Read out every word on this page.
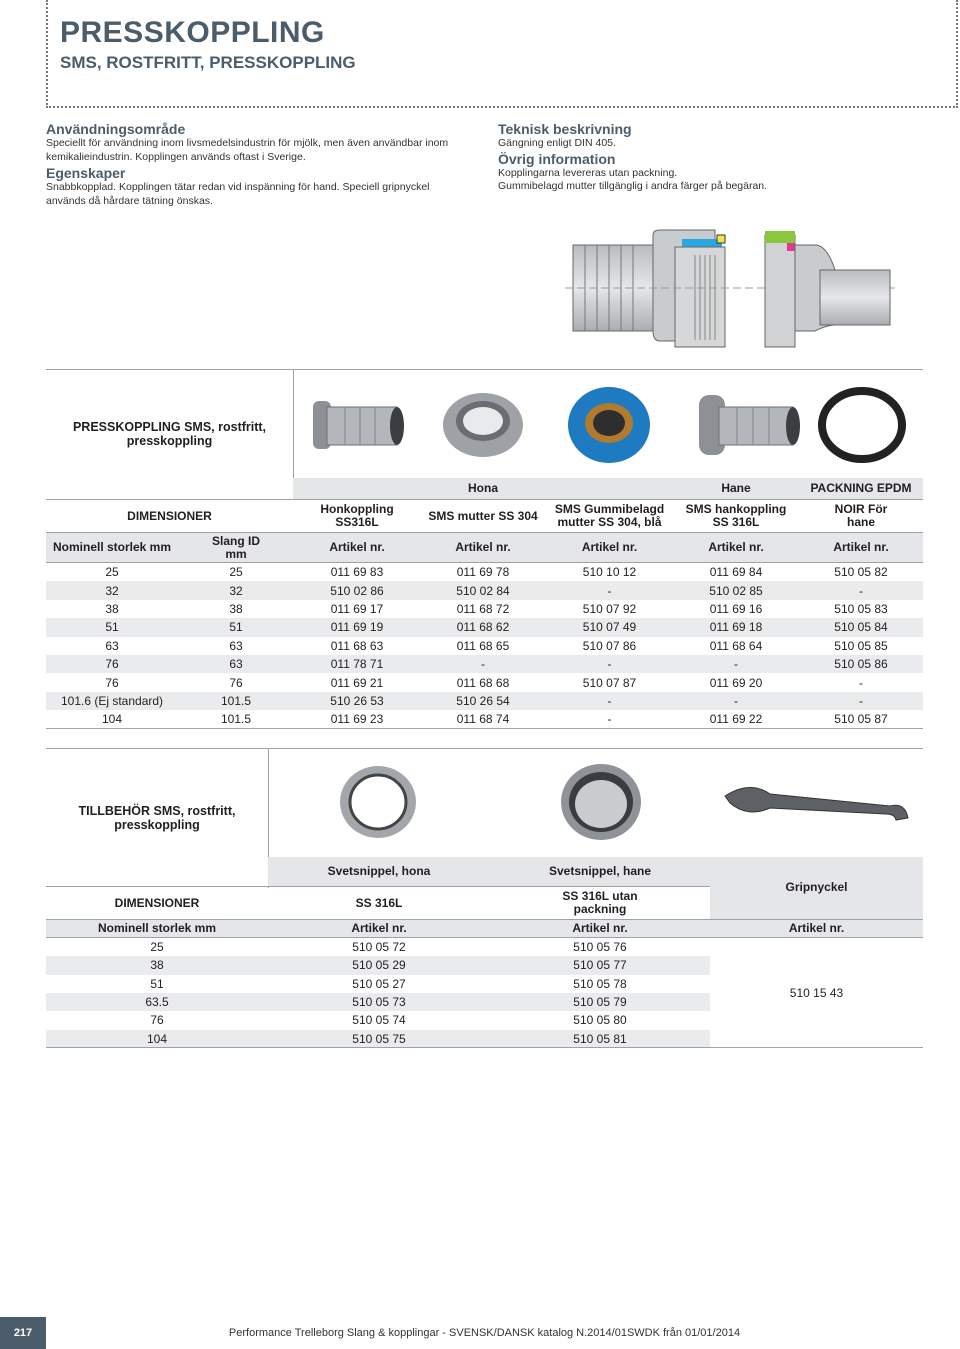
PRESSKOPPLING
SMS, ROSTFRITT, PRESSKOPPLING
Användningsområde
Speciellt för användning inom livsmedelsindustrin för mjölk, men även användbar inom kemikalieindustrin. Kopplingen används oftast i Sverige.
Egenskaper
Snabbkopplad. Kopplingen tätar redan vid inspänning för hand. Speciell gripnyckel används då hårdare tätning önskas.
Teknisk beskrivning
Gängning enligt DIN 405.
Övrig information
Kopplingarna levereras utan packning.
Gummibelagd mutter tillgänglig i andra färger på begäran.
PRESSKOPPLING SMS, rostfritt, presskoppling
Hona	Hane	PACKNING EPDM
DIMENSIONER	Honkoppling SS316L	SMS mutter SS 304	SMS Gummibelagd mutter SS 304, blå
SMS hankoppling SS 316L
NOIR För hane
Nominell storlek mm	Slang ID mm	Artikel nr.	Artikel nr.	Artikel nr.	Artikel nr.	Artikel nr.
25	25	011 69 83	011 69 78	510 10 12	011 69 84	510 05 82
32	32	510 02 86	510 02 84	-	510 02 85	-
38	38	011 69 17	011 68 72	510 07 92	011 69 16	510 05 83
51	51	011 69 19	011 68 62	510 07 49	011 69 18	510 05 84
63	63	011 68 63	011 68 65	510 07 86	011 68 64	510 05 85
76	63	011 78 71	-	-	-	510 05 86
76	76	011 69 21	011 68 68	510 07 87	011 69 20	-
101.6 (Ej standard)	101.5	510 26 53	510 26 54	-	-	-
104	101.5	011 69 23	011 68 74	-	011 69 22	510 05 87
TILLBEHÖR SMS, rostfritt, presskoppling
Svetsnippel, hona	Svetsnippel, hane
Gripnyckel
DIMENSIONER	SS 316L	SS 316L utan packning
Nominell storlek mm	Artikel nr.	Artikel nr.	Artikel nr.
25	510 05 72	510 05 76
38	510 05 29	510 05 77
51	510 05 27	510 05 78
63.5	510 05 73	510 05 79
76	510 05 74	510 05 80
104	510 05 75	510 05 81
510 15 43
217	Performance Trelleborg Slang & kopplingar - SVENSK/DANSK katalog N.2014/01SWDK från 01/01/2014
